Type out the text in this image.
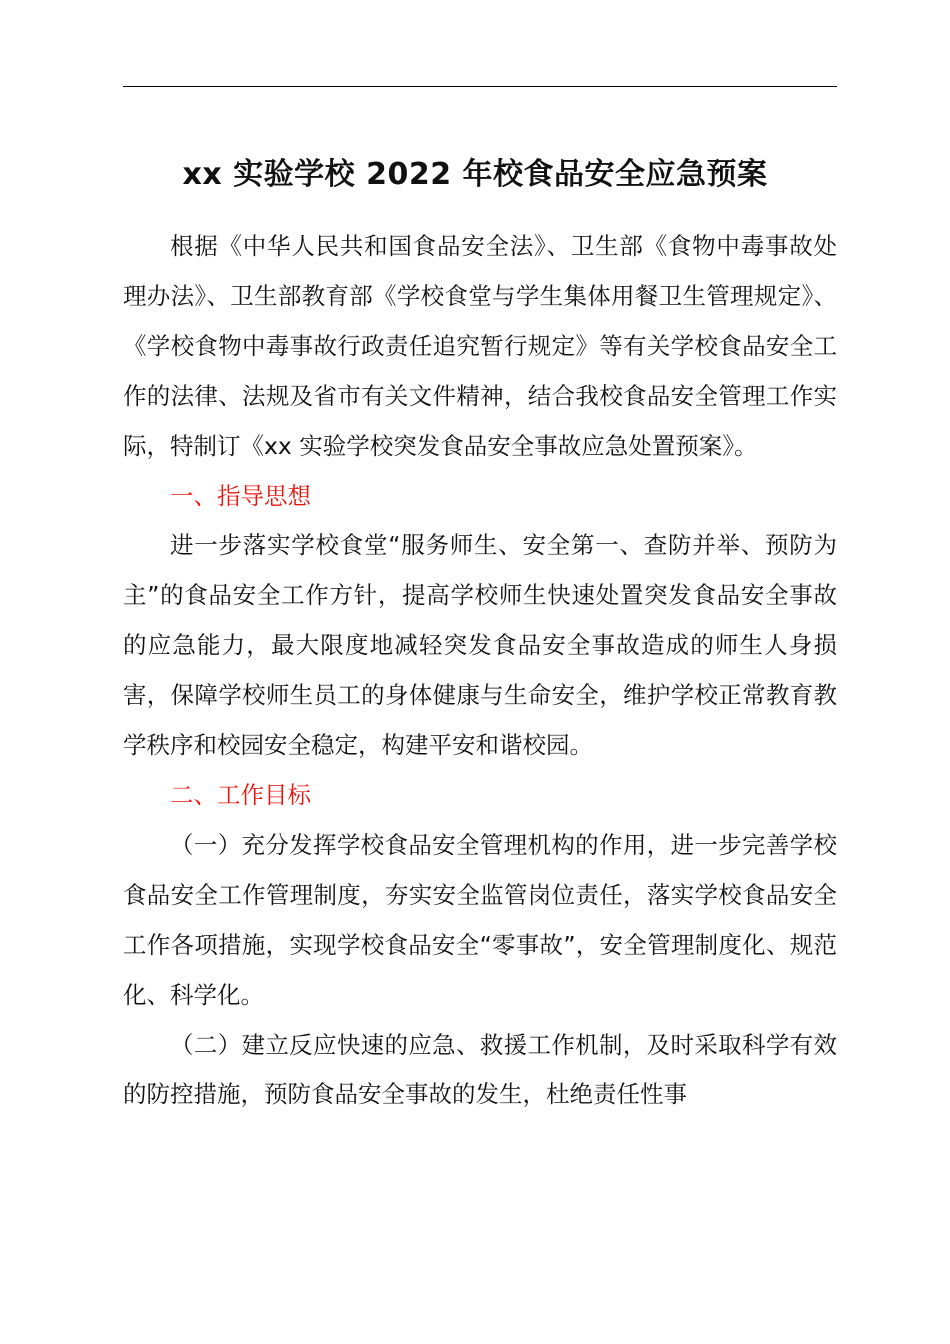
xx 实验学校 2022 年校食品安全应急预案

根据《中华人民共和国食品安全法》、卫生部《食物中毒事故处理办法》、卫生部教育部《学校食堂与学生集体用餐卫生管理规定》、《学校食物中毒事故行政责任追究暂行规定》等有关学校食品安全工作的法律、法规及省市有关文件精神，结合我校食品安全管理工作实际，特制订《xx 实验学校突发食品安全事故应急处置预案》。

一、指导思想

进一步落实学校食堂“服务师生、安全第一、查防并举、预防为主”的食品安全工作方针，提高学校师生快速处置突发食品安全事故的应急能力，最大限度地减轻突发食品安全事故造成的师生人身损害，保障学校师生员工的身体健康与生命安全，维护学校正常教育教学秩序和校园安全稳定，构建平安和谐校园。

二、工作目标

（一）充分发挥学校食品安全管理机构的作用，进一步完善学校食品安全工作管理制度，夯实安全监管岗位责任，落实学校食品安全工作各项措施，实现学校食品安全“零事故”，安全管理制度化、规范化、科学化。

（二）建立反应快速的应急、救援工作机制，及时采取科学有效的防控措施，预防食品安全事故的发生，杜绝责任性事
